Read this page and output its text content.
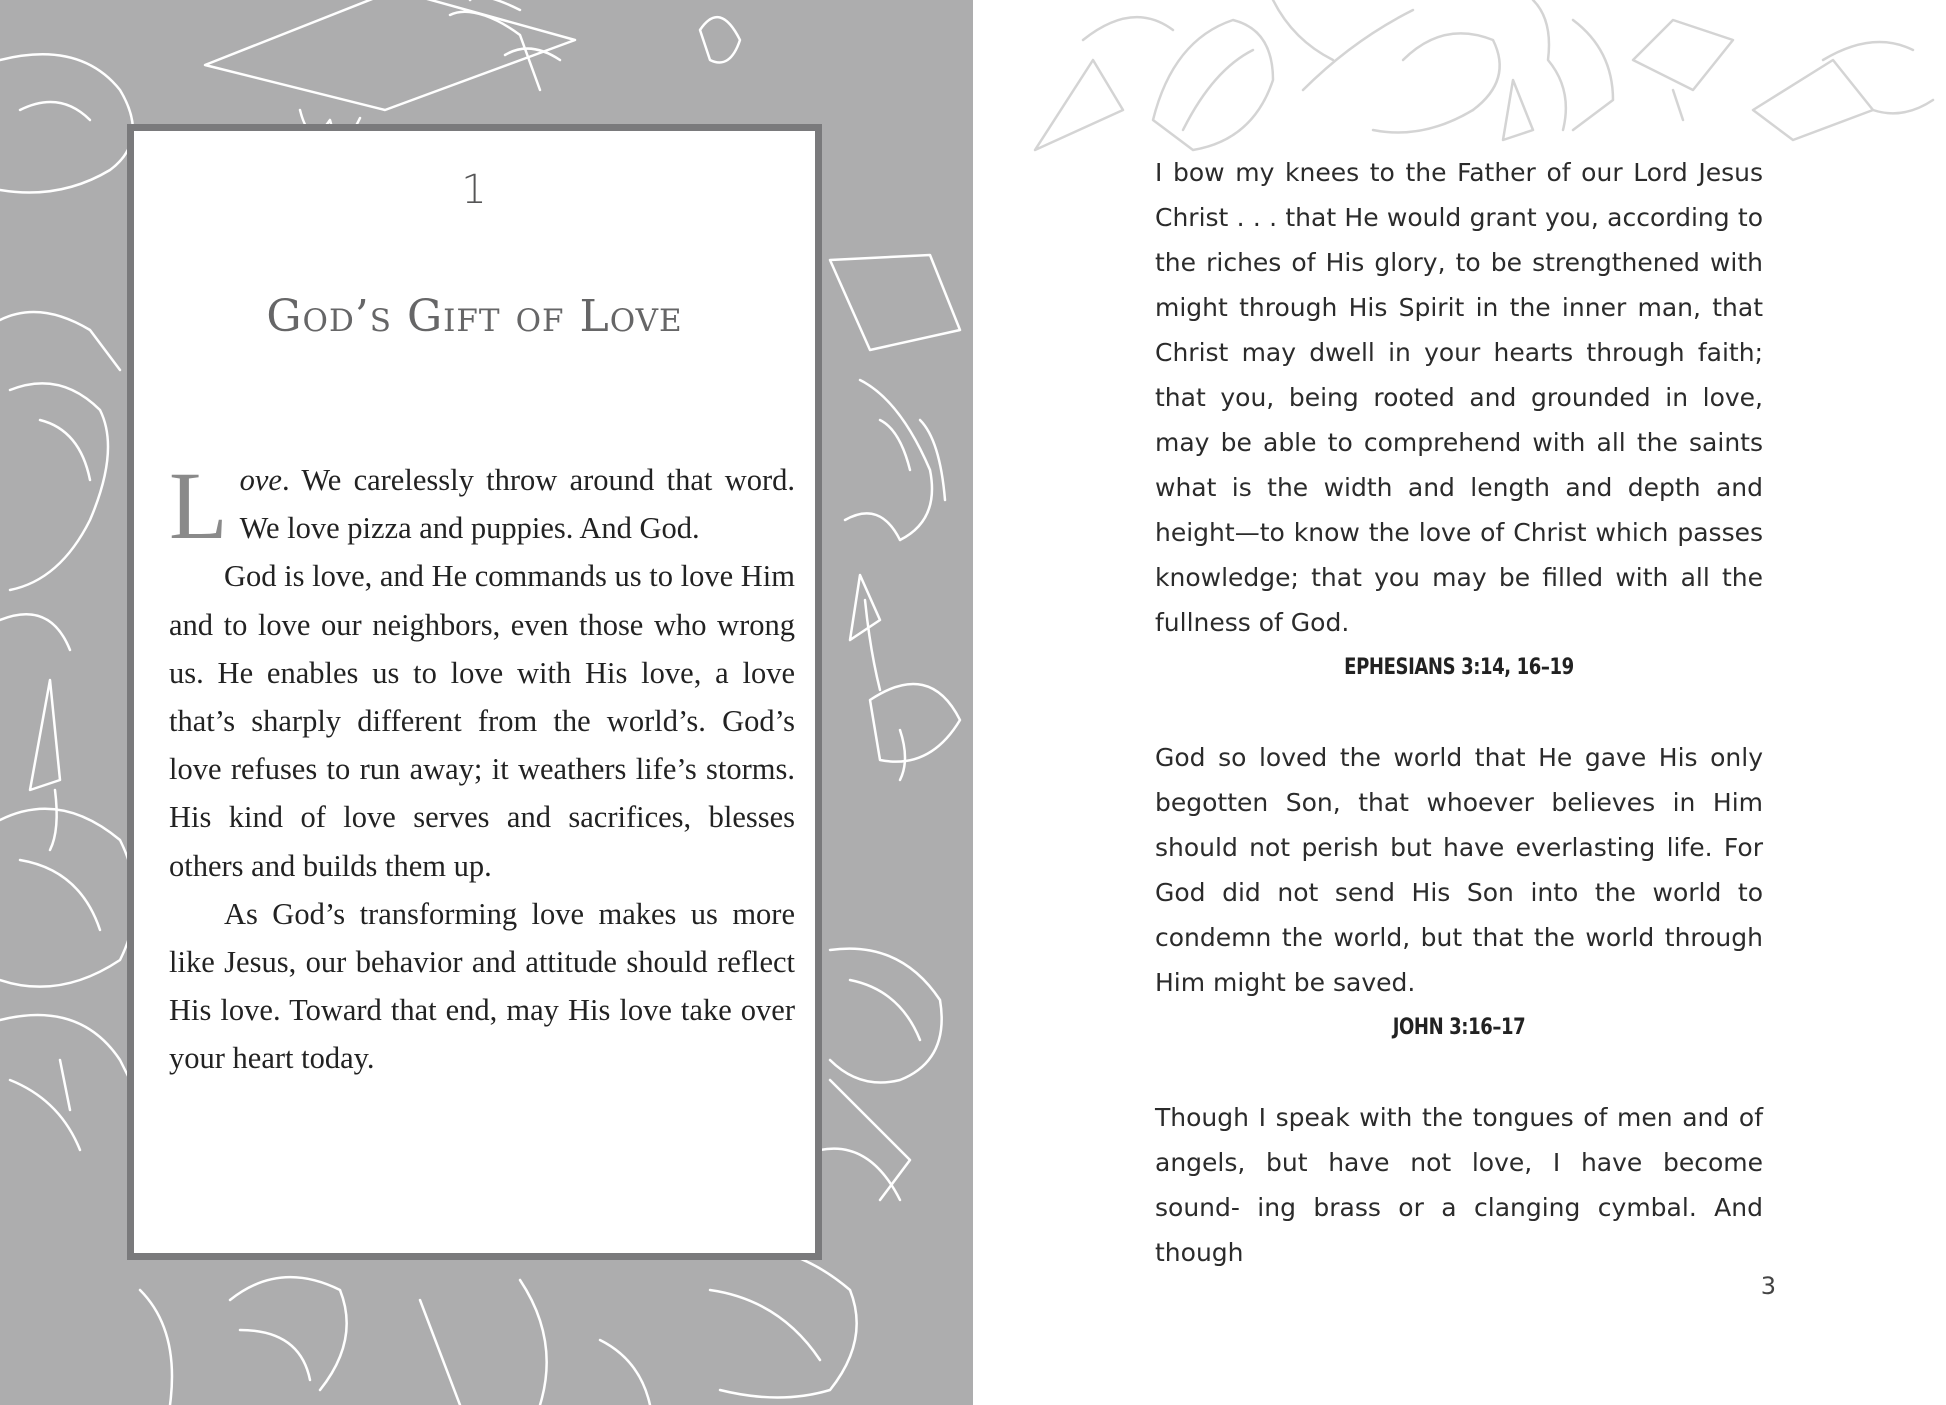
1
God’s Gift of Love

Love. We carelessly throw around that word. We love pizza and puppies. And God.

God is love, and He commands us to love Him and to love our neighbors, even those who wrong us. He enables us to love with His love, a love that’s sharply different from the world’s. God’s love refuses to run away; it weathers life’s storms. His kind of love serves and sacrifices, blesses others and builds them up.

As God’s transforming love makes us more like Jesus, our behavior and attitude should reflect His love. Toward that end, may His love take over your heart today.

I bow my knees to the Father of our Lord Jesus Christ . . . that He would grant you, according to the riches of His glory, to be strengthened with might through His Spirit in the inner man, that Christ may dwell in your hearts through faith; that you, being rooted and grounded in love, may be able to comprehend with all the saints what is the width and length and depth and height—to know the love of Christ which passes knowledge; that you may be filled with all the fullness of God.

EPHESIANS 3:14, 16–19

God so loved the world that He gave His only begotten Son, that whoever believes in Him should not perish but have everlasting life. For God did not send His Son into the world to condemn the world, but that the world through Him might be saved.

JOHN 3:16–17

Though I speak with the tongues of men and of angels, but have not love, I have become sound- ing brass or a clanging cymbal. And though

3
